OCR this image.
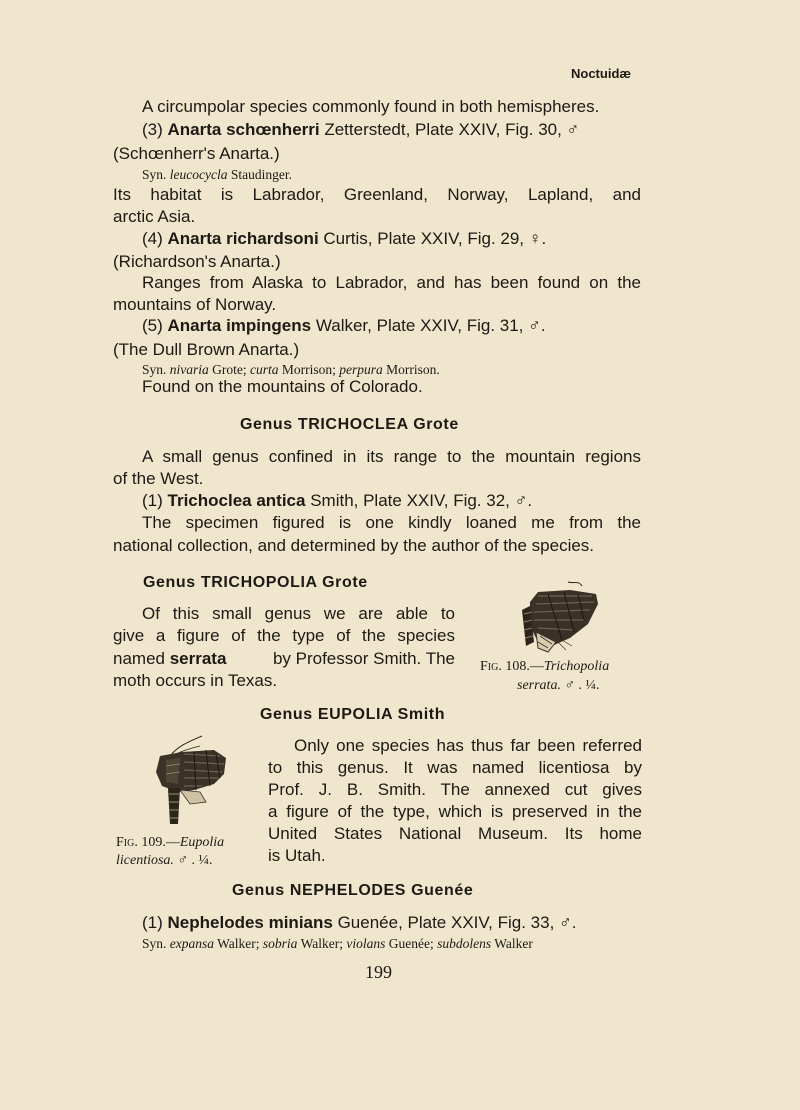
Noctuidæ
A circumpolar species commonly found in both hemispheres.
(3) Anarta schœnherri Zetterstedt, Plate XXIV, Fig. 30, ♂
(Schœnherr's Anarta.)
Syn. leucocycla Staudinger.
Its habitat is Labrador, Greenland, Norway, Lapland, and
arctic Asia.
(4) Anarta richardsoni Curtis, Plate XXIV, Fig. 29, ♀.
(Richardson's Anarta.)
Ranges from Alaska to Labrador, and has been found on the
mountains of Norway.
(5) Anarta impingens Walker, Plate XXIV, Fig. 31, ♂.
(The Dull Brown Anarta.)
Syn. nivaria Grote; curta Morrison; perpura Morrison.
Found on the mountains of Colorado.
Genus TRICHOCLEA Grote
A small genus confined in its range to the mountain regions
of the West.
(1) Trichoclea antica Smith, Plate XXIV, Fig. 32, ♂.
The specimen figured is one kindly loaned me from the
national collection, and determined by the author of the species.
Genus TRICHOPOLIA Grote
Of this small genus we are able to
give a figure of the type of the species
named serrata	by Professor Smith. The
moth occurs in Texas.
Fig. 108.—Trichopolia
serrata. ♂ . ¼.
Genus EUPOLIA Smith
Only one species has thus far been referred
to this genus. It was named licentiosa by
Prof. J. B. Smith. The annexed cut gives
a figure of the type, which is preserved in the
United States National Museum. Its home
is Utah.
Fig. 109.—Eupolia
licentiosa. ♂ . ¼.
Genus NEPHELODES Guenée
(1) Nephelodes minians Guenée, Plate XXIV, Fig. 33, ♂.
Syn. expansa Walker; sobria Walker; violans Guenée; subdolens Walker
199
